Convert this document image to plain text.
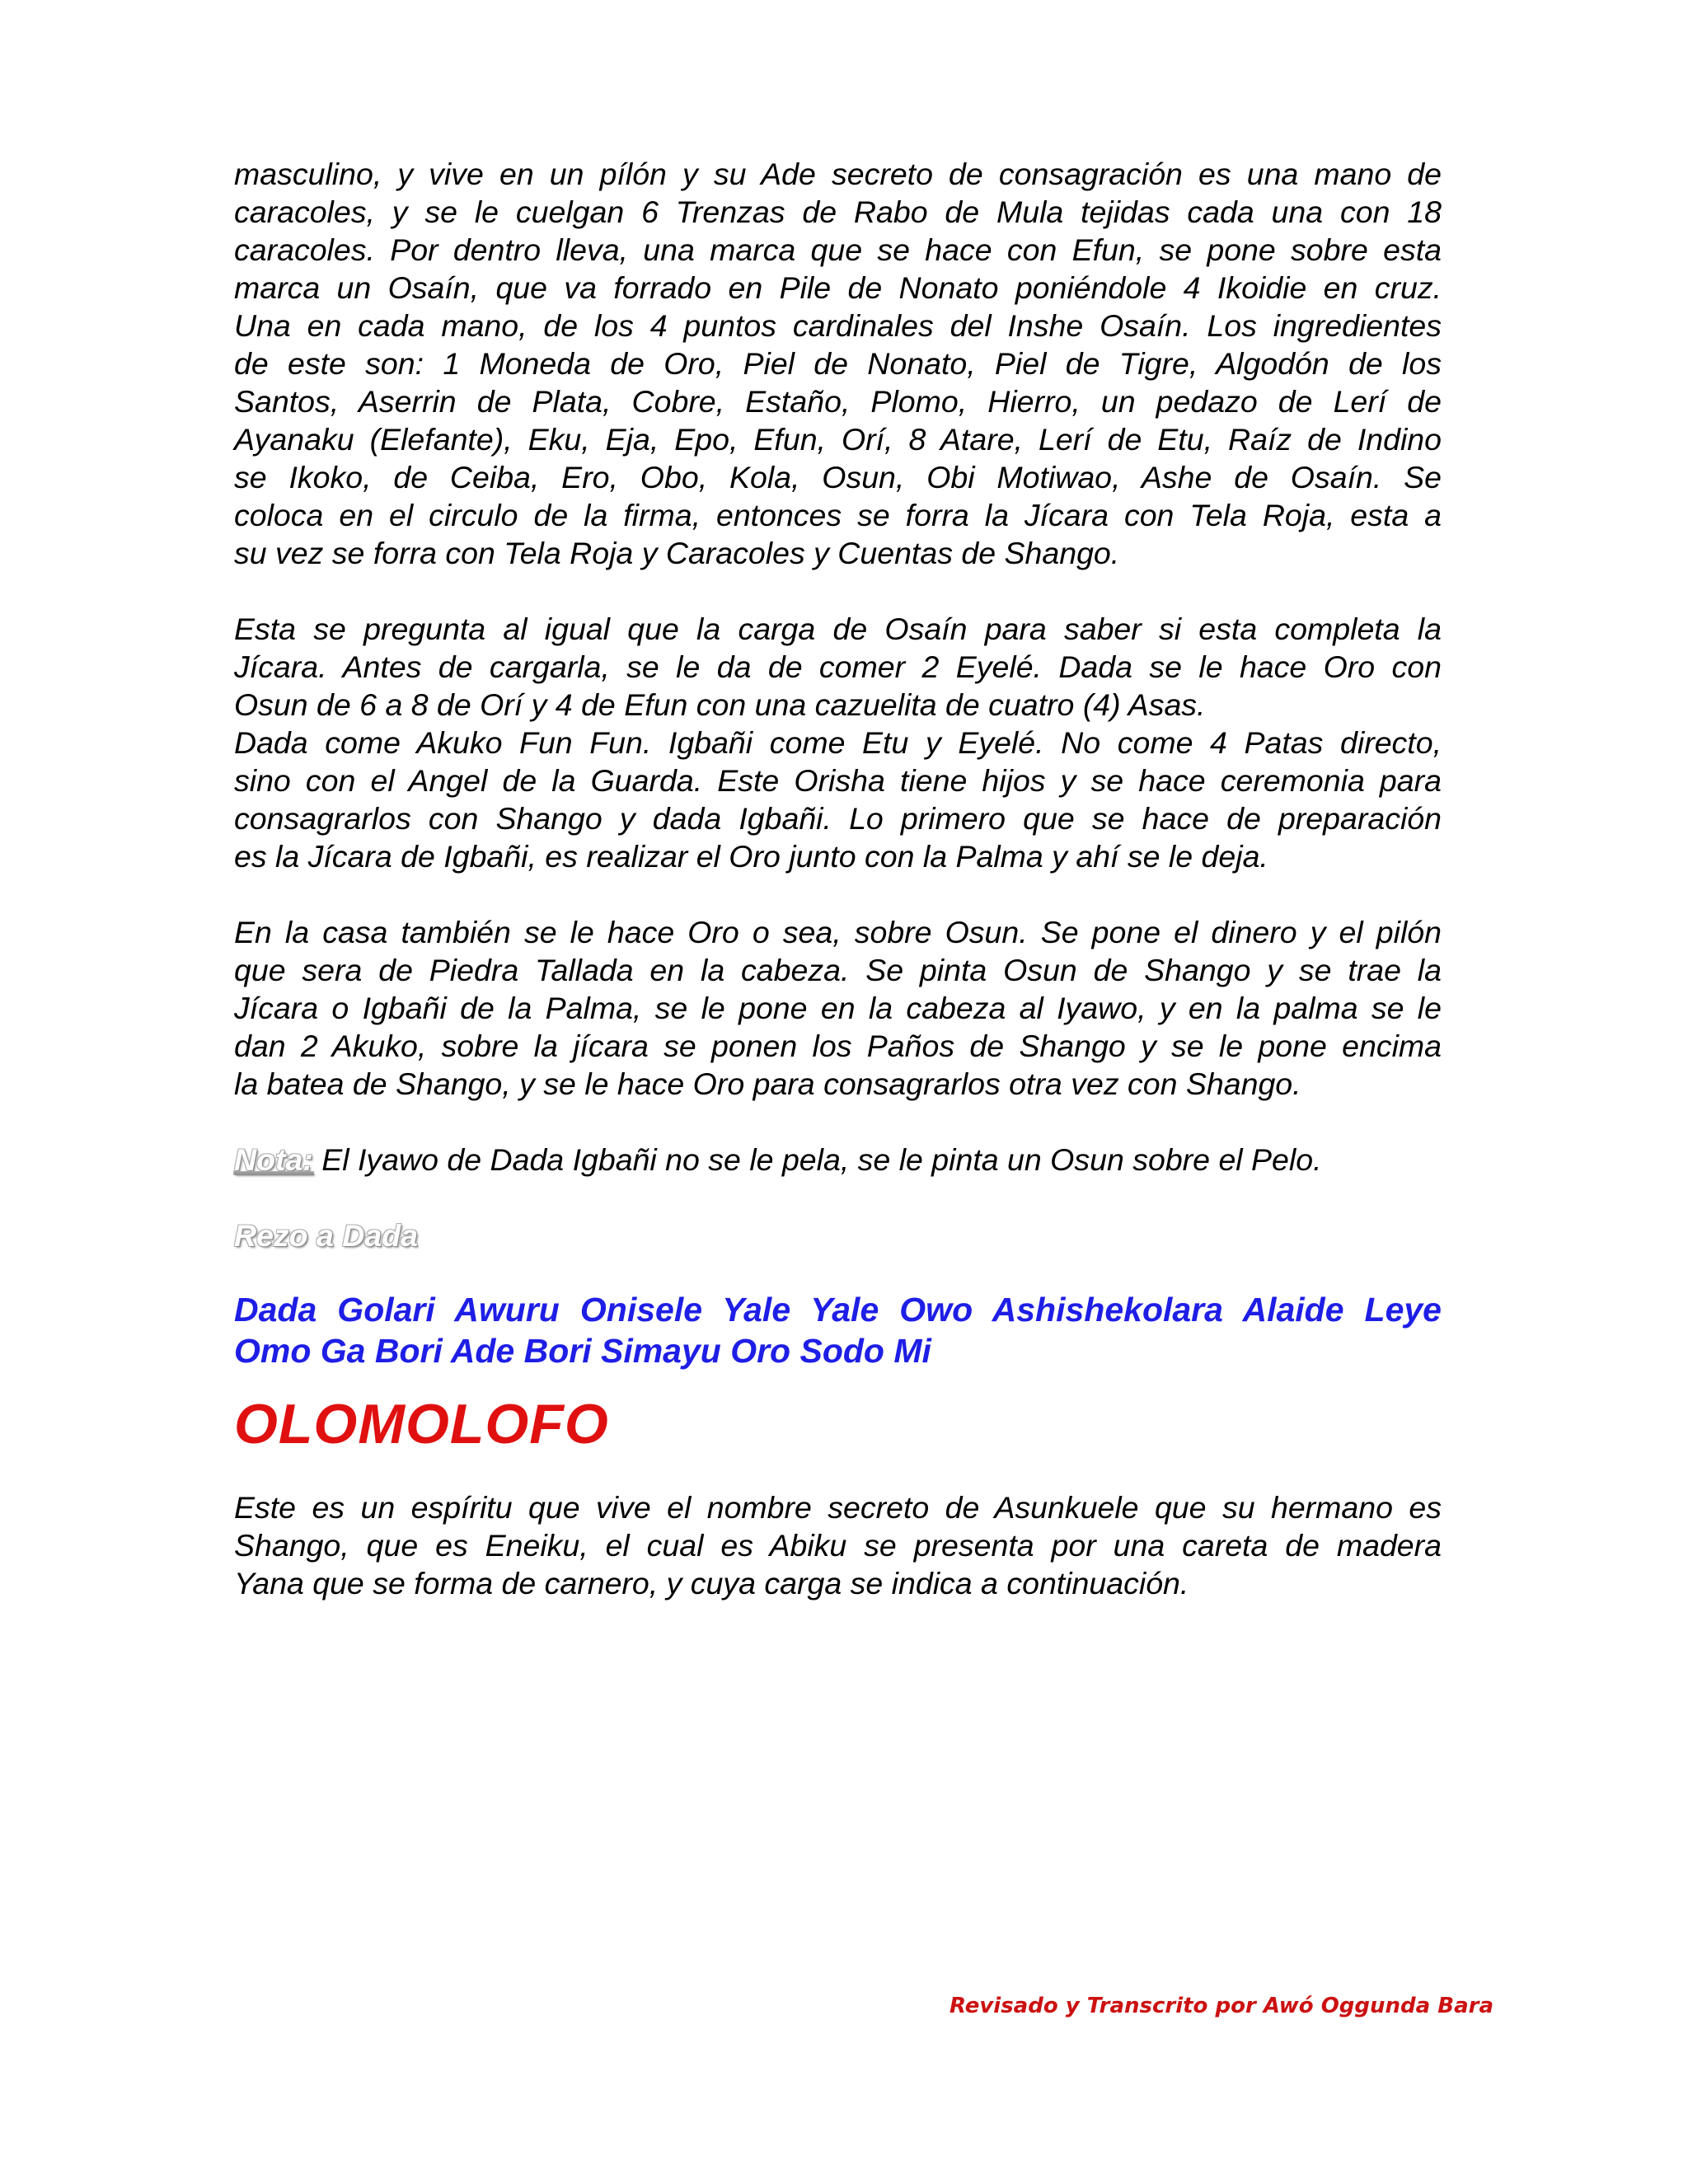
masculino, y vive en un pílón y su Ade secreto de consagración es una mano de
caracoles, y se le cuelgan 6 Trenzas de Rabo de Mula tejidas cada una con 18
caracoles. Por dentro lleva, una marca que se hace con Efun, se pone sobre esta
marca un Osaín, que va forrado en Pile de Nonato poniéndole 4 Ikoidie en cruz.
Una en cada mano, de los 4 puntos cardinales del Inshe Osaín. Los ingredientes
de este son: 1 Moneda de Oro, Piel de Nonato, Piel de Tigre, Algodón de los
Santos, Aserrin de Plata, Cobre, Estaño, Plomo, Hierro, un pedazo de Lerí de
Ayanaku (Elefante), Eku, Eja, Epo, Efun, Orí, 8 Atare, Lerí de Etu, Raíz de Indino
se Ikoko, de Ceiba, Ero, Obo, Kola, Osun, Obi Motiwao, Ashe de Osaín. Se
coloca en el circulo de la firma, entonces se forra la Jícara con Tela Roja, esta a
su vez se forra con Tela Roja y Caracoles y Cuentas de Shango.
Esta se pregunta al igual que la carga de Osaín para saber si esta completa la
Jícara. Antes de cargarla, se le da de comer 2 Eyelé. Dada se le hace Oro con
Osun de 6 a 8 de Orí y 4 de Efun con una cazuelita de cuatro (4) Asas.
Dada come Akuko Fun Fun. Igbañi come Etu y Eyelé. No come 4 Patas directo,
sino con el Angel de la Guarda. Este Orisha tiene hijos y se hace ceremonia para
consagrarlos con Shango y dada Igbañi. Lo primero que se hace de preparación
es la Jícara de Igbañi, es realizar el Oro junto con la Palma y ahí se le deja.
En la casa también se le hace Oro o sea, sobre Osun. Se pone el dinero y el pilón
que sera de Piedra Tallada en la cabeza. Se pinta Osun de Shango y se trae la
Jícara o Igbañi de la Palma, se le pone en la cabeza al Iyawo, y en la palma se le
dan 2 Akuko, sobre la jícara se ponen los Paños de Shango y se le pone encima
la batea de Shango, y se le hace Oro para consagrarlos otra vez con Shango.

Nota: El Iyawo de Dada Igbañi no se le pela, se le pinta un Osun sobre el Pelo.

Rezo a Dada

Dada Golari Awuru Onisele Yale Yale Owo Ashishekolara Alaide Leye
Omo Ga Bori Ade Bori Simayu Oro Sodo Mi
OLOMOLOFO
Este es un espíritu que vive el nombre secreto de Asunkuele que su hermano es
Shango, que es Eneiku, el cual es Abiku se presenta por una careta de madera
Yana que se forma de carnero, y cuya carga se indica a continuación.
Revisado y Transcrito por Awó Oggunda Bara
